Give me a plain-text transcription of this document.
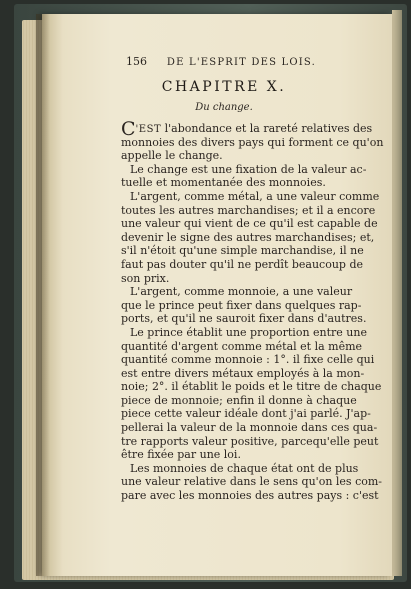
156 DE L'ESPRIT DES LOIS.
CHAPITRE X.
Du change.
C'EST l'abondance et la rareté relatives des
monnoies des divers pays qui forment ce qu'on
appelle le change.
Le change est une fixation de la valeur ac-
tuelle et momentanée des monnoies.
L'argent, comme métal, a une valeur comme
toutes les autres marchandises; et il a encore
une valeur qui vient de ce qu'il est capable de
devenir le signe des autres marchandises; et,
s'il n'étoit qu'une simple marchandise, il ne
faut pas douter qu'il ne perdît beaucoup de
son prix.
L'argent, comme monnoie, a une valeur
que le prince peut fixer dans quelques rap-
ports, et qu'il ne sauroit fixer dans d'autres.
Le prince établit une proportion entre une
quantité d'argent comme métal et la même
quantité comme monnoie : 1°. il fixe celle qui
est entre divers métaux employés à la mon-
noie; 2°. il établit le poids et le titre de chaque
piece de monnoie; enfin il donne à chaque
piece cette valeur idéale dont j'ai parlé. J'ap-
pellerai la valeur de la monnoie dans ces qua-
tre rapports valeur positive, parcequ'elle peut
être fixée par une loi.
Les monnoies de chaque état ont de plus
une valeur relative dans le sens qu'on les com-
pare avec les monnoies des autres pays : c'est
